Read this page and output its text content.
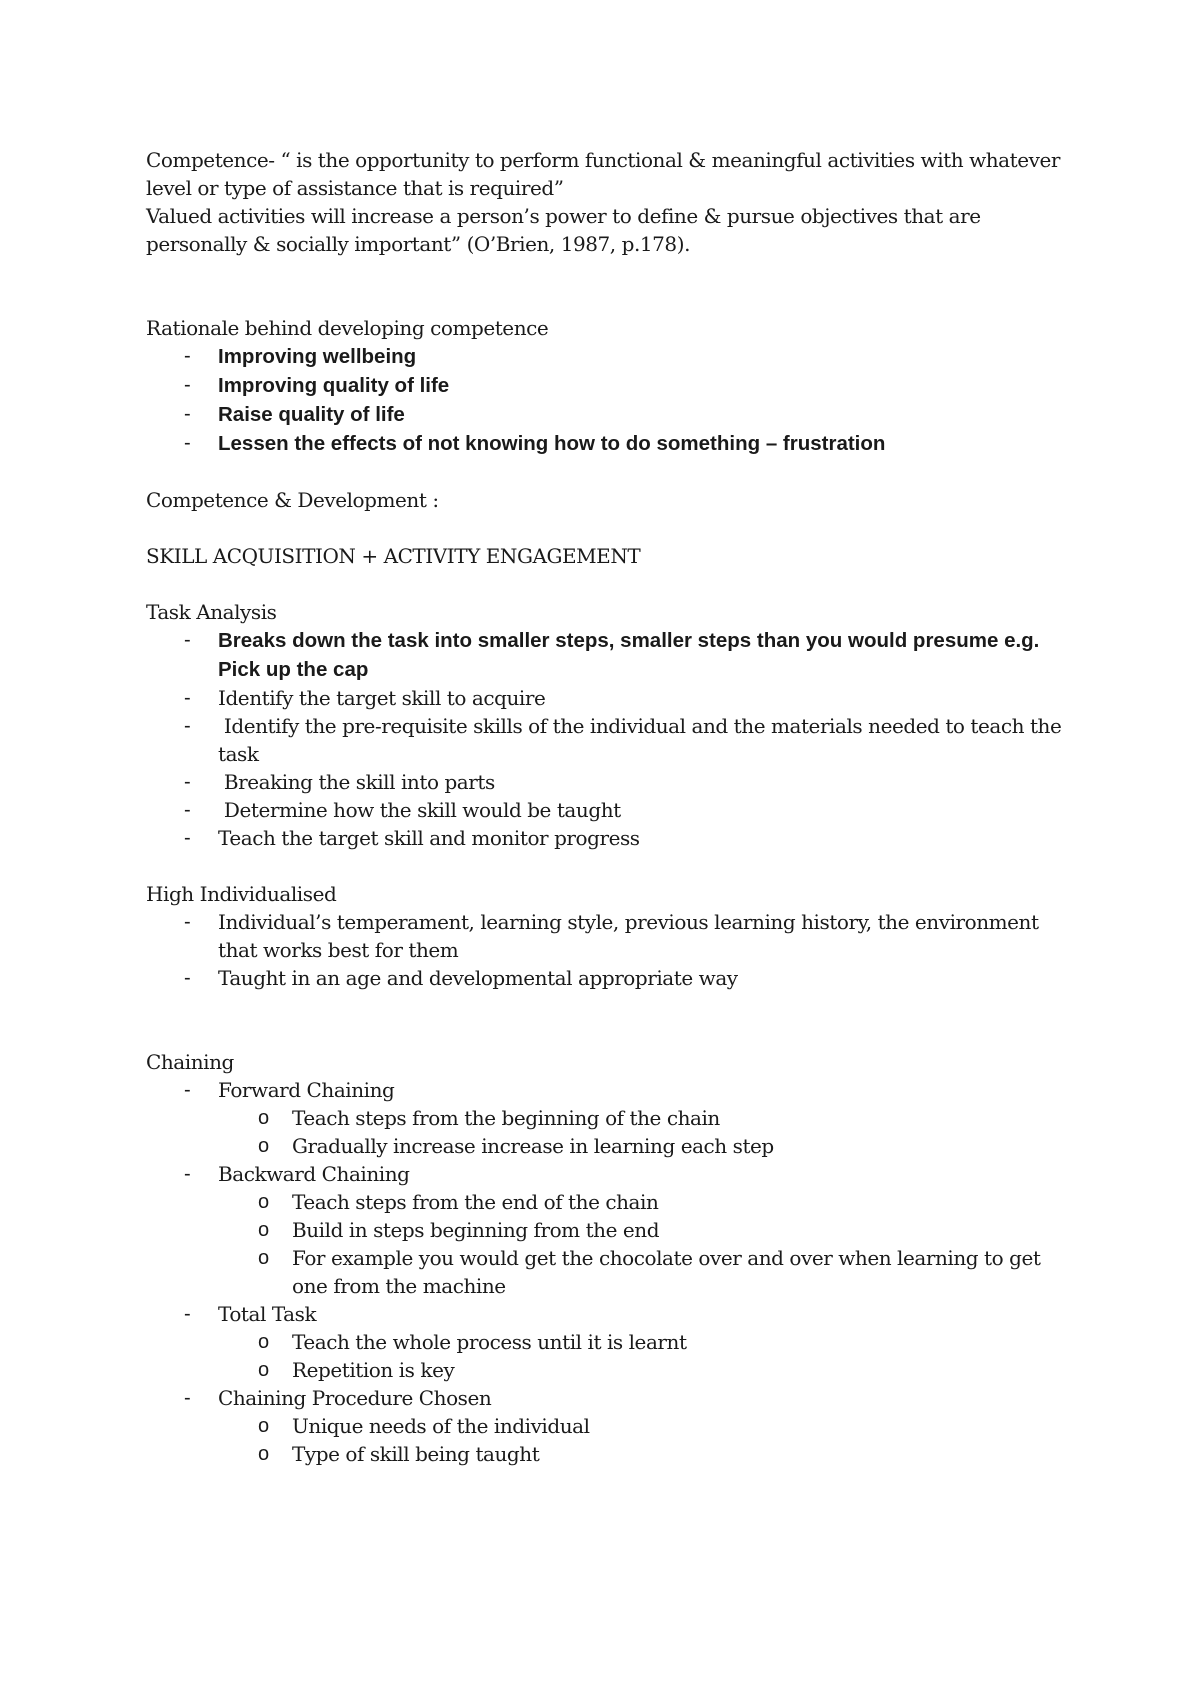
Competence- “ is the opportunity to perform functional & meaningful activities with whatever level or type of assistance that is required”

Valued activities will increase a person’s power to define & pursue objectives that are personally & socially important” (O’Brien, 1987, p.178).

Rationale behind developing competence

- Improving wellbeing
- Improving quality of life
- Raise quality of life
- Lessen the effects of not knowing how to do something – frustration

Competence & Development :

SKILL ACQUISITION + ACTIVITY ENGAGEMENT

Task Analysis

- Breaks down the task into smaller steps, smaller steps than you would presume e.g. Pick up the cap
- Identify the target skill to acquire
- Identify the pre-requisite skills of the individual and the materials needed to teach the task
- Breaking the skill into parts
- Determine how the skill would be taught
- Teach the target skill and monitor progress

High Individualised

- Individual’s temperament, learning style, previous learning history, the environment that works best for them
- Taught in an age and developmental appropriate way

Chaining

- Forward Chaining
o Teach steps from the beginning of the chain
o Gradually increase increase in learning each step
- Backward Chaining
o Teach steps from the end of the chain
o Build in steps beginning from the end
o For example you would get the chocolate over and over when learning to get one from the machine
- Total Task
o Teach the whole process until it is learnt
o Repetition is key
- Chaining Procedure Chosen
o Unique needs of the individual
o Type of skill being taught
